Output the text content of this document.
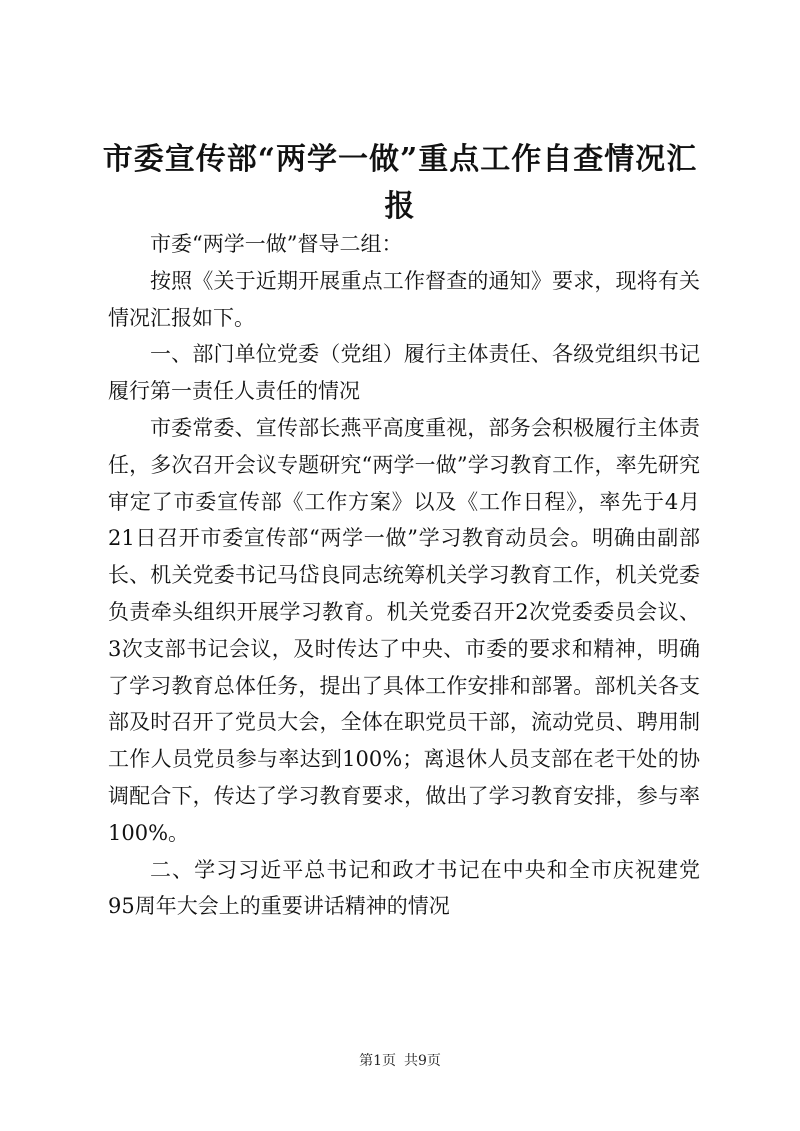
市委宣传部“两学一做”重点工作自查情况汇报

市委“两学一做”督导二组：

按照《关于近期开展重点工作督查的通知》要求，现将有关情况汇报如下。

一、部门单位党委（党组）履行主体责任、各级党组织书记履行第一责任人责任的情况

市委常委、宣传部长燕平高度重视，部务会积极履行主体责任，多次召开会议专题研究“两学一做”学习教育工作，率先研究审定了市委宣传部《工作方案》以及《工作日程》，率先于4月21日召开市委宣传部“两学一做”学习教育动员会。明确由副部长、机关党委书记马岱良同志统筹机关学习教育工作，机关党委负责牵头组织开展学习教育。机关党委召开2次党委委员会议、3次支部书记会议，及时传达了中央、市委的要求和精神，明确了学习教育总体任务，提出了具体工作安排和部署。部机关各支部及时召开了党员大会，全体在职党员干部，流动党员、聘用制工作人员党员参与率达到100%；离退休人员支部在老干处的协调配合下，传达了学习教育要求，做出了学习教育安排，参与率100%。

二、学习习近平总书记和政才书记在中央和全市庆祝建党95周年大会上的重要讲话精神的情况

第1页 共9页
